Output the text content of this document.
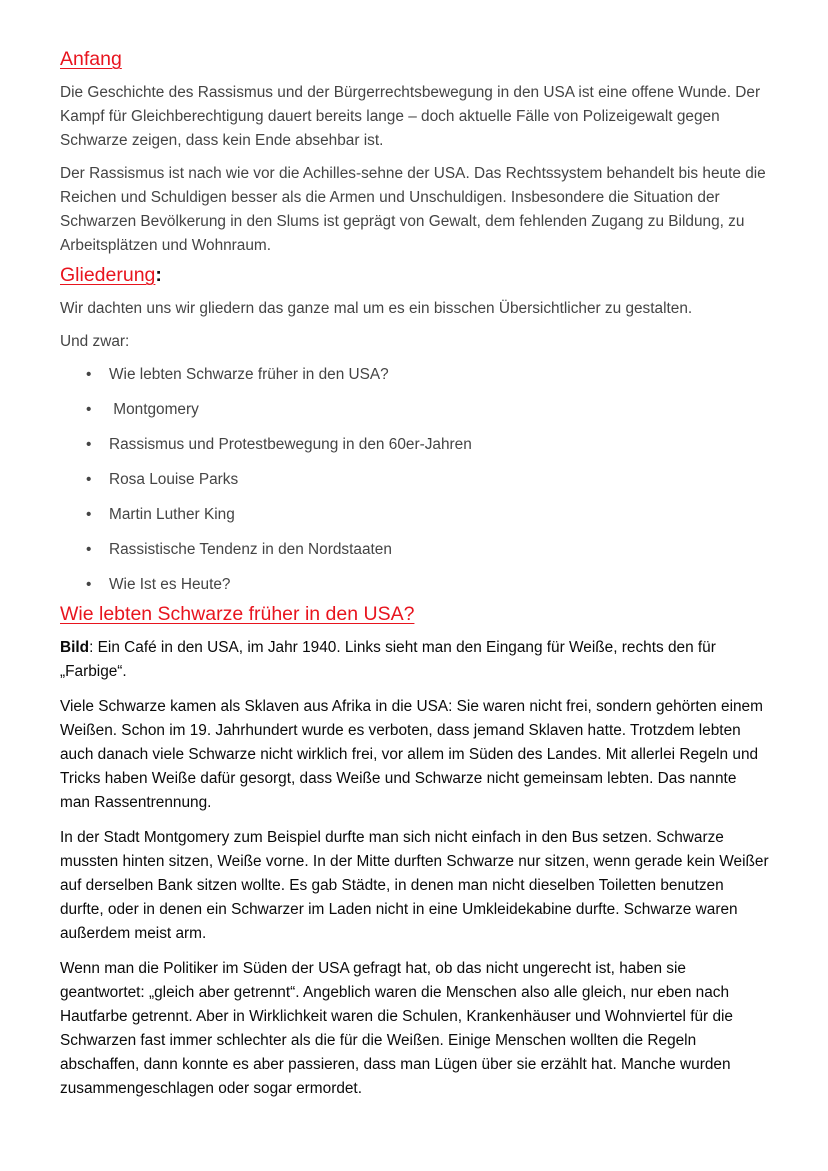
Anfang

Die Geschichte des Rassismus und der Bürgerrechtsbewegung in den USA ist eine offene Wunde. Der Kampf für Gleichberechtigung dauert bereits lange – doch aktuelle Fälle von Polizeigewalt gegen Schwarze zeigen, dass kein Ende absehbar ist.

Der Rassismus ist nach wie vor die Achilles-sehne der USA. Das Rechtssystem behandelt bis heute die Reichen und Schuldigen besser als die Armen und Unschuldigen. Insbesondere die Situation der Schwarzen Bevölkerung in den Slums ist geprägt von Gewalt, dem fehlenden Zugang zu Bildung, zu Arbeitsplätzen und Wohnraum.

Gliederung:

Wir dachten uns wir gliedern das ganze mal um es ein bisschen Übersichtlicher zu gestalten.

Und zwar:

• Wie lebten Schwarze früher in den USA?
• Montgomery
• Rassismus und Protestbewegung in den 60er-Jahren
• Rosa Louise Parks
• Martin Luther King
• Rassistische Tendenz in den Nordstaaten
• Wie Ist es Heute?
Wie lebten Schwarze früher in den USA?

Bild: Ein Café in den USA, im Jahr 1940. Links sieht man den Eingang für Weiße, rechts den für „Farbige“.

Viele Schwarze kamen als Sklaven aus Afrika in die USA: Sie waren nicht frei, sondern gehörten einem Weißen. Schon im 19. Jahrhundert wurde es verboten, dass jemand Sklaven hatte. Trotzdem lebten auch danach viele Schwarze nicht wirklich frei, vor allem im Süden des Landes. Mit allerlei Regeln und Tricks haben Weiße dafür gesorgt, dass Weiße und Schwarze nicht gemeinsam lebten. Das nannte man Rassentrennung.

In der Stadt Montgomery zum Beispiel durfte man sich nicht einfach in den Bus setzen. Schwarze mussten hinten sitzen, Weiße vorne. In der Mitte durften Schwarze nur sitzen, wenn gerade kein Weißer auf derselben Bank sitzen wollte. Es gab Städte, in denen man nicht dieselben Toiletten benutzen durfte, oder in denen ein Schwarzer im Laden nicht in eine Umkleidekabine durfte. Schwarze waren außerdem meist arm.

Wenn man die Politiker im Süden der USA gefragt hat, ob das nicht ungerecht ist, haben sie geantwortet: „gleich aber getrennt“. Angeblich waren die Menschen also alle gleich, nur eben nach Hautfarbe getrennt. Aber in Wirklichkeit waren die Schulen, Krankenhäuser und Wohnviertel für die Schwarzen fast immer schlechter als die für die Weißen. Einige Menschen wollten die Regeln abschaffen, dann konnte es aber passieren, dass man Lügen über sie erzählt hat. Manche wurden zusammengeschlagen oder sogar ermordet.
